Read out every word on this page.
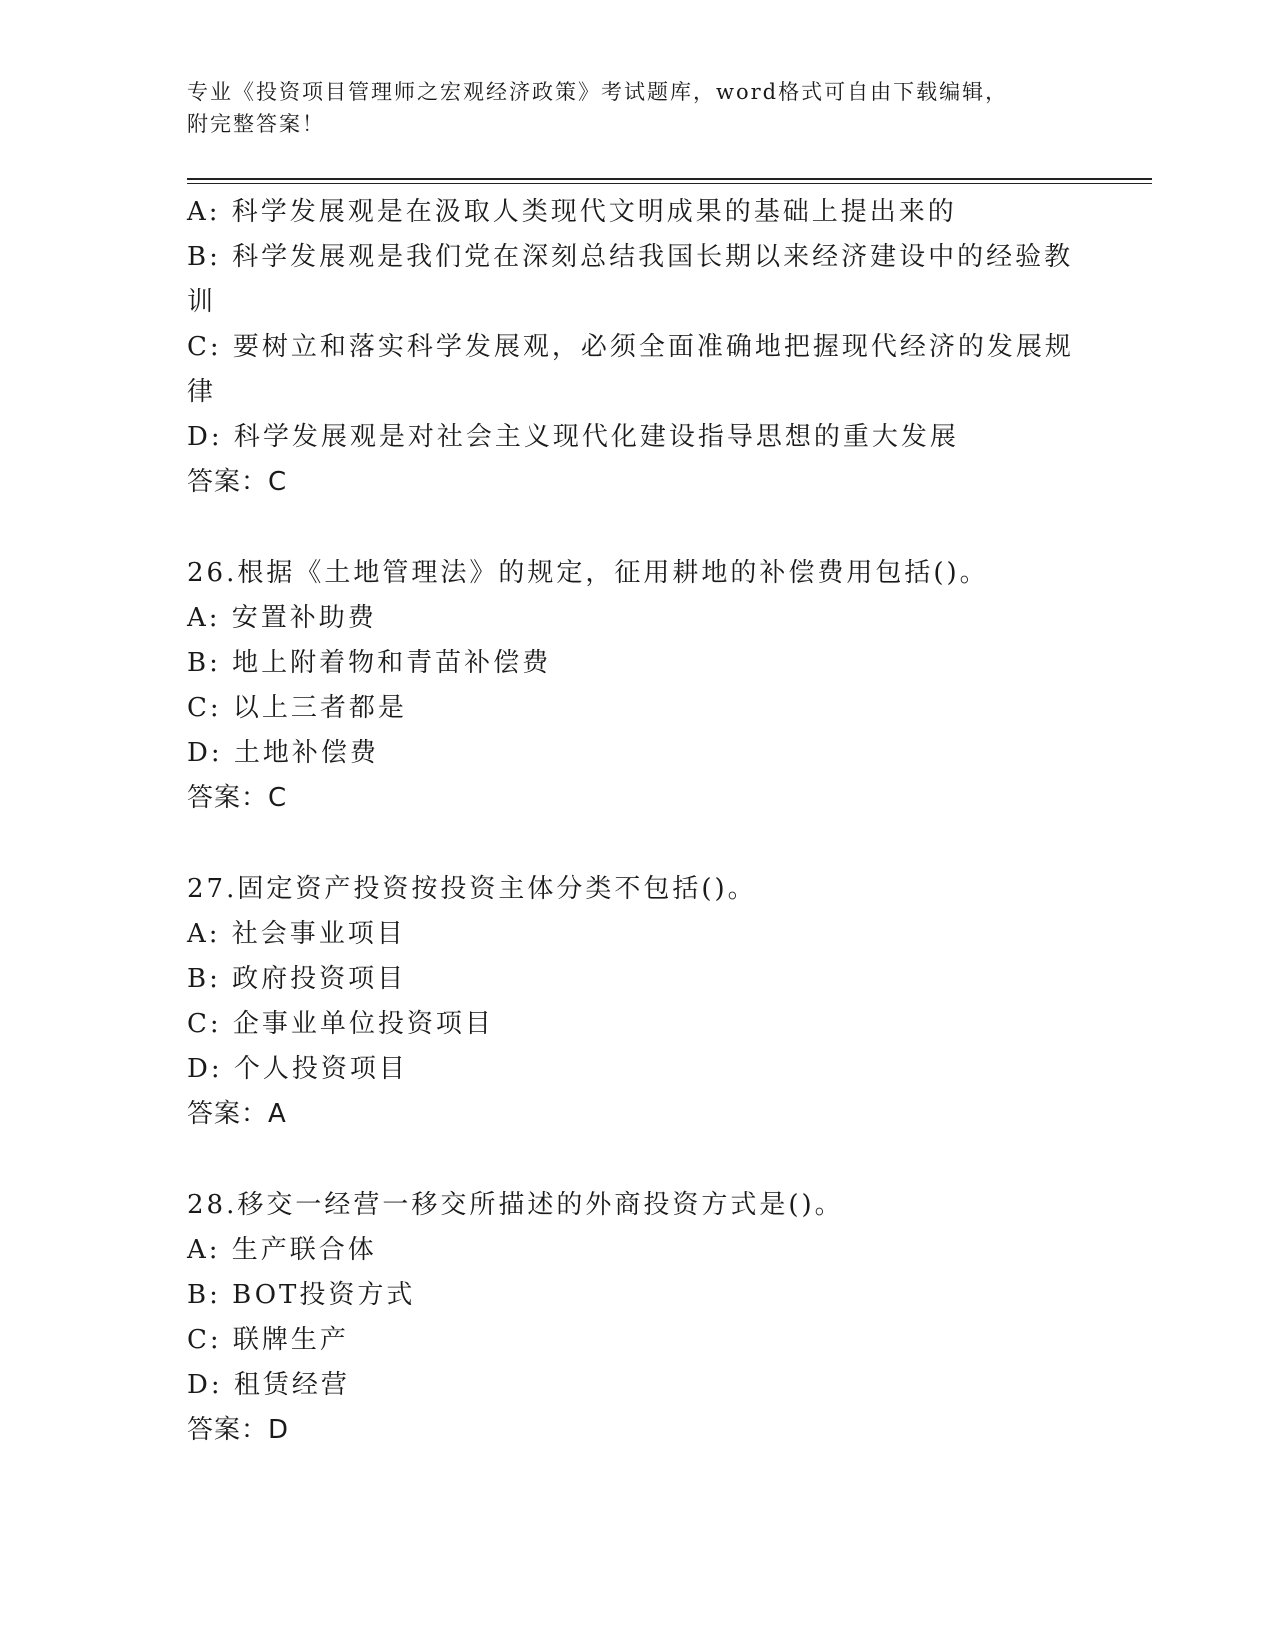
专业《投资项目管理师之宏观经济政策》考试题库，word格式可自由下载编辑，
附完整答案！
A: 科学发展观是在汲取人类现代文明成果的基础上提出来的
B: 科学发展观是我们党在深刻总结我国长期以来经济建设中的经验教
训
C: 要树立和落实科学发展观，必须全面准确地把握现代经济的发展规
律
D: 科学发展观是对社会主义现代化建设指导思想的重大发展
答案：C
26.根据《土地管理法》的规定，征用耕地的补偿费用包括()。
A: 安置补助费
B: 地上附着物和青苗补偿费
C: 以上三者都是
D: 土地补偿费
答案：C
27.固定资产投资按投资主体分类不包括()。
A: 社会事业项目
B: 政府投资项目
C: 企事业单位投资项目
D: 个人投资项目
答案：A
28.移交一经营一移交所描述的外商投资方式是()。
A: 生产联合体
B: BOT投资方式
C: 联牌生产
D: 租赁经营
答案：D
